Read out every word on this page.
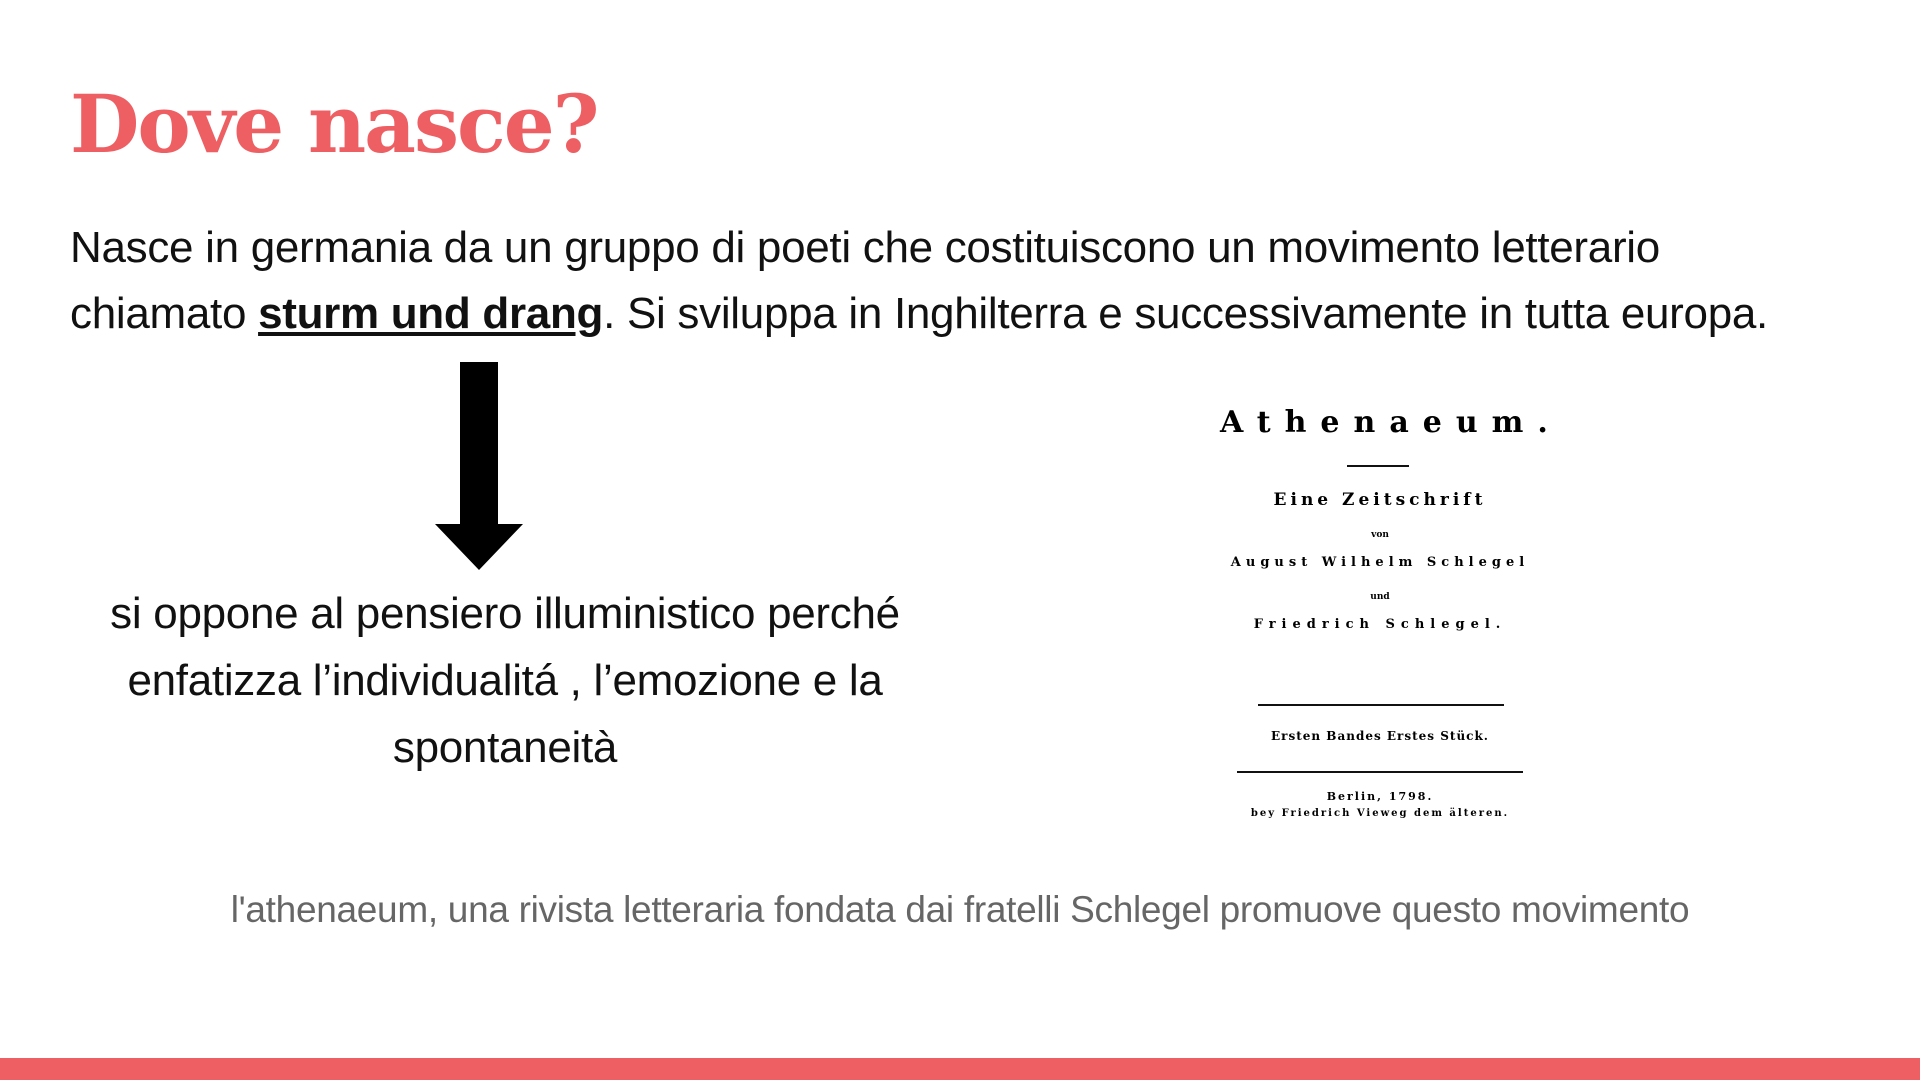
Dove nasce?

Nasce in germania da un gruppo di poeti che costituiscono un movimento letterario
chiamato sturm und drang. Si sviluppa in Inghilterra e successivamente in tutta europa.

si oppone al pensiero illuministico perché
enfatizza l’individualitá , l’emozione e la
spontaneità

Athenaeum.

Eine Zeitschrift

von

August Wilhelm Schlegel

und

Friedrich Schlegel.

Ersten Bandes Erstes Stück.

Berlin, 1798.

bey Friedrich Vieweg dem älteren.

l'athenaeum, una rivista letteraria fondata dai fratelli Schlegel promuove questo movimento
